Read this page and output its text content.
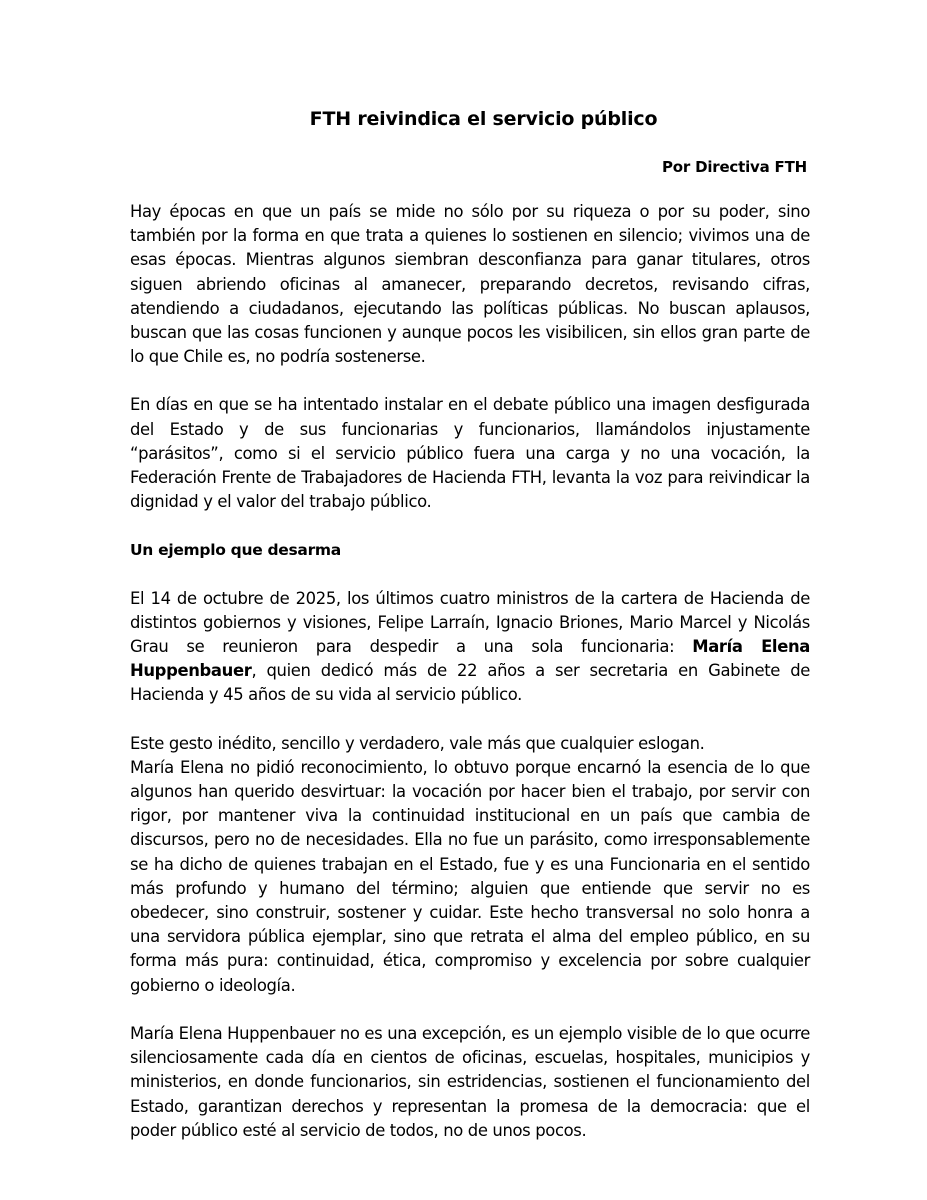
FTH reivindica el servicio público
Por Directiva FTH

Hay épocas en que un país se mide no sólo por su riqueza o por su poder, sino también por la forma en que trata a quienes lo sostienen en silencio; vivimos una de esas épocas. Mientras algunos siembran desconfianza para ganar titulares, otros siguen abriendo oficinas al amanecer, preparando decretos, revisando cifras, atendiendo a ciudadanos, ejecutando las políticas públicas. No buscan aplausos, buscan que las cosas funcionen y aunque pocos les visibilicen, sin ellos gran parte de lo que Chile es, no podría sostenerse.

En días en que se ha intentado instalar en el debate público una imagen desfigurada del Estado y de sus funcionarias y funcionarios, llamándolos injustamente “parásitos”, como si el servicio público fuera una carga y no una vocación, la Federación Frente de Trabajadores de Hacienda FTH, levanta la voz para reivindicar la dignidad y el valor del trabajo público.

Un ejemplo que desarma

El 14 de octubre de 2025, los últimos cuatro ministros de la cartera de Hacienda de distintos gobiernos y visiones, Felipe Larraín, Ignacio Briones, Mario Marcel y Nicolás Grau se reunieron para despedir a una sola funcionaria: María Elena Huppenbauer, quien dedicó más de 22 años a ser secretaria en Gabinete de Hacienda y 45 años de su vida al servicio público.

Este gesto inédito, sencillo y verdadero, vale más que cualquier eslogan.

María Elena no pidió reconocimiento, lo obtuvo porque encarnó la esencia de lo que algunos han querido desvirtuar: la vocación por hacer bien el trabajo, por servir con rigor, por mantener viva la continuidad institucional en un país que cambia de discursos, pero no de necesidades. Ella no fue un parásito, como irresponsablemente se ha dicho de quienes trabajan en el Estado, fue y es una Funcionaria en el sentido más profundo y humano del término; alguien que entiende que servir no es obedecer, sino construir, sostener y cuidar. Este hecho transversal no solo honra a una servidora pública ejemplar, sino que retrata el alma del empleo público, en su forma más pura: continuidad, ética, compromiso y excelencia por sobre cualquier gobierno o ideología.

María Elena Huppenbauer no es una excepción, es un ejemplo visible de lo que ocurre silenciosamente cada día en cientos de oficinas, escuelas, hospitales, municipios y ministerios, en donde funcionarios, sin estridencias, sostienen el funcionamiento del Estado, garantizan derechos y representan la promesa de la democracia: que el poder público esté al servicio de todos, no de unos pocos.
